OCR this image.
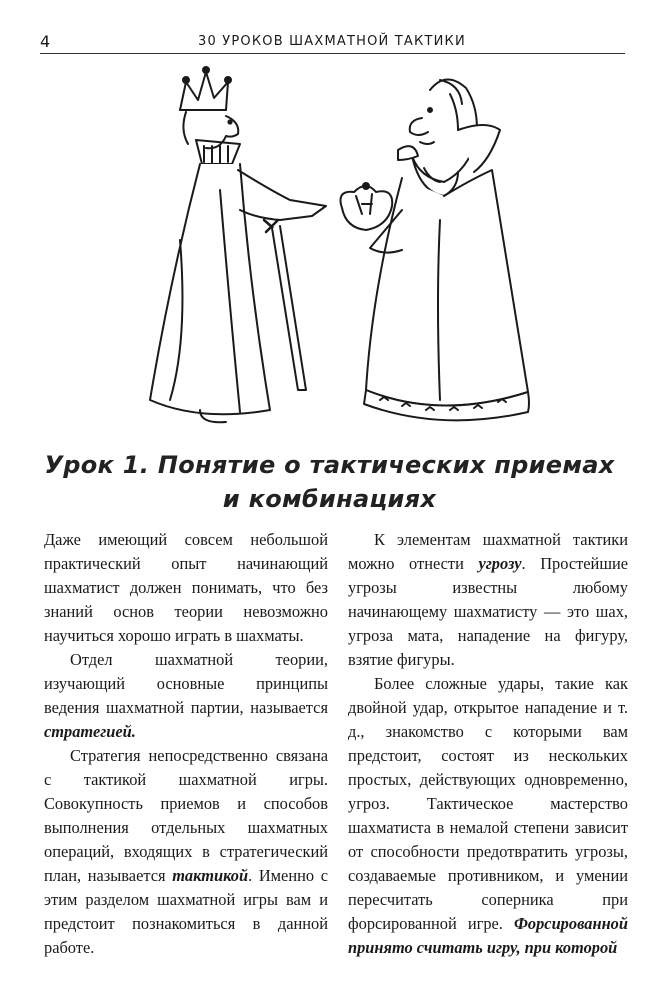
4	30 УРОКОВ ШАХМАТНОЙ ТАКТИКИ
Урок 1. Понятие о тактических приемах
и комбинациях

Даже имеющий совсем небольшой практический опыт начинающий шахматист должен понимать, что без знаний основ теории невозможно научиться хорошо играть в шахматы.

Отдел шахматной теории, изучающий основные принципы ведения шахматной партии, называется стратегией.

Стратегия непосредственно связана с тактикой шахматной игры. Совокупность приемов и способов выполнения отдельных шахматных операций, входящих в стратегический план, называется тактикой. Именно с этим разделом шахматной игры вам и предстоит познакомиться в данной работе.

К элементам шахматной тактики можно отнести угрозу. Простейшие угрозы известны любому начинающему шахматисту — это шах, угроза мата, нападение на фигуру, взятие фигуры.

Более сложные удары, такие как двойной удар, открытое нападение и т. д., знакомство с которыми вам предстоит, состоят из нескольких простых, действующих одновременно, угроз. Тактическое мастерство шахматиста в немалой степени зависит от способности предотвратить угрозы, создаваемые противником, и умении пересчитать соперника при форсированной игре. Форсированной принято считать игру, при которой
